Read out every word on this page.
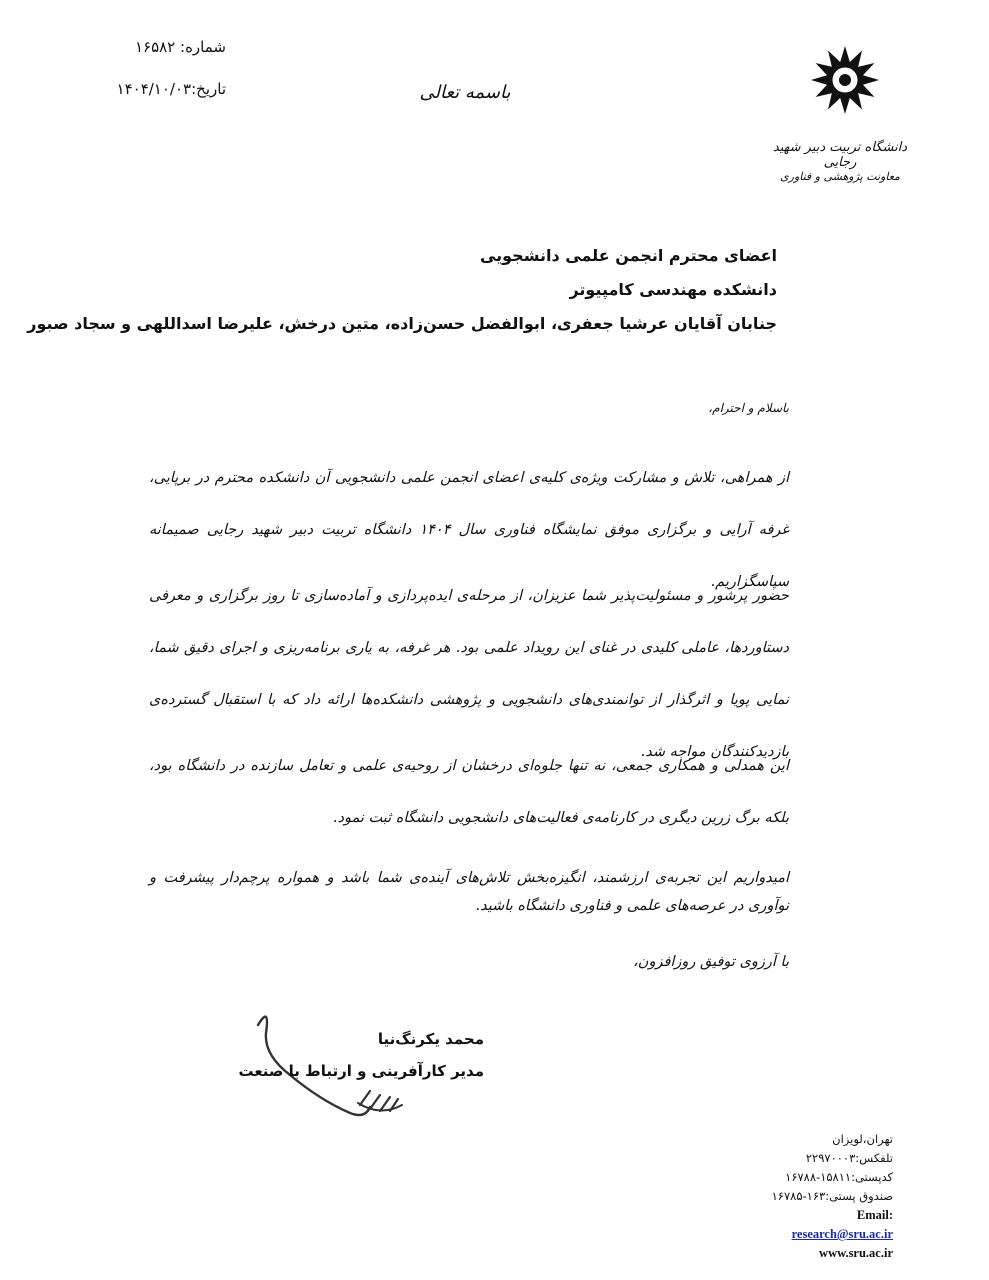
شماره: ۱۶۵۸۲
تاریخ:۱۴۰۴/۱۰/۰۳	باسمه تعالی
دانشگاه تربیت دبیر شهید رجایی
معاونت پژوهشی و فناوری
اعضای محترم انجمن علمی دانشجویی
دانشکده مهندسی کامپیوتر
جنابان آقایان عرشیا جعفری، ابوالفضل حسن‌زاده، متین درخش، علیرضا اسداللهی و سجاد صبور
باسلام و احترام،
از همراهی، تلاش و مشارکت ویژه‌ی کلیه‌ی اعضای انجمن علمی دانشجویی آن دانشکده محترم در برپایی، غرفه آرایی و برگزاری موفق نمایشگاه فناوری سال ۱۴۰۴ دانشگاه تربیت دبیر شهید رجایی صمیمانه سپاسگزاریم.
حضور پرشور و مسئولیت‌پذیر شما عزیزان، از مرحله‌ی ایده‌پردازی و آماده‌سازی تا روز برگزاری و معرفی دستاوردها، عاملی کلیدی در غنای این رویداد علمی بود. هر غرفه، به یاری برنامه‌ریزی و اجرای دقیق شما، نمایی پویا و اثرگذار از توانمندی‌های دانشجویی و پژوهشی دانشکده‌ها ارائه داد که با استقبال گسترده‌ی بازدیدکنندگان مواجه شد.
این همدلی و همکاری جمعی، نه تنها جلوه‌ای درخشان از روحیه‌ی علمی و تعامل سازنده در دانشگاه بود، بلکه برگ زرین دیگری در کارنامه‌ی فعالیت‌های دانشجویی دانشگاه ثبت نمود.
امیدواریم این تجربه‌ی ارزشمند، انگیزه‌بخش تلاش‌های آینده‌ی شما باشد و همواره پرچم‌دار پیشرفت و نوآوری در عرصه‌های علمی و فناوری دانشگاه باشید.
با آرزوی توفیق روزافزون،
محمد یکرنگ‌نیا
مدیر کارآفرینی و ارتباط با صنعت
تهران،لویزان
تلفکس:۲۲۹۷۰۰۰۳
کدپستی:۱۵۸۱۱-۱۶۷۸۸
صندوق پستی:۱۶۳-۱۶۷۸۵
Email:
research@sru.ac.ir
www.sru.ac.ir
